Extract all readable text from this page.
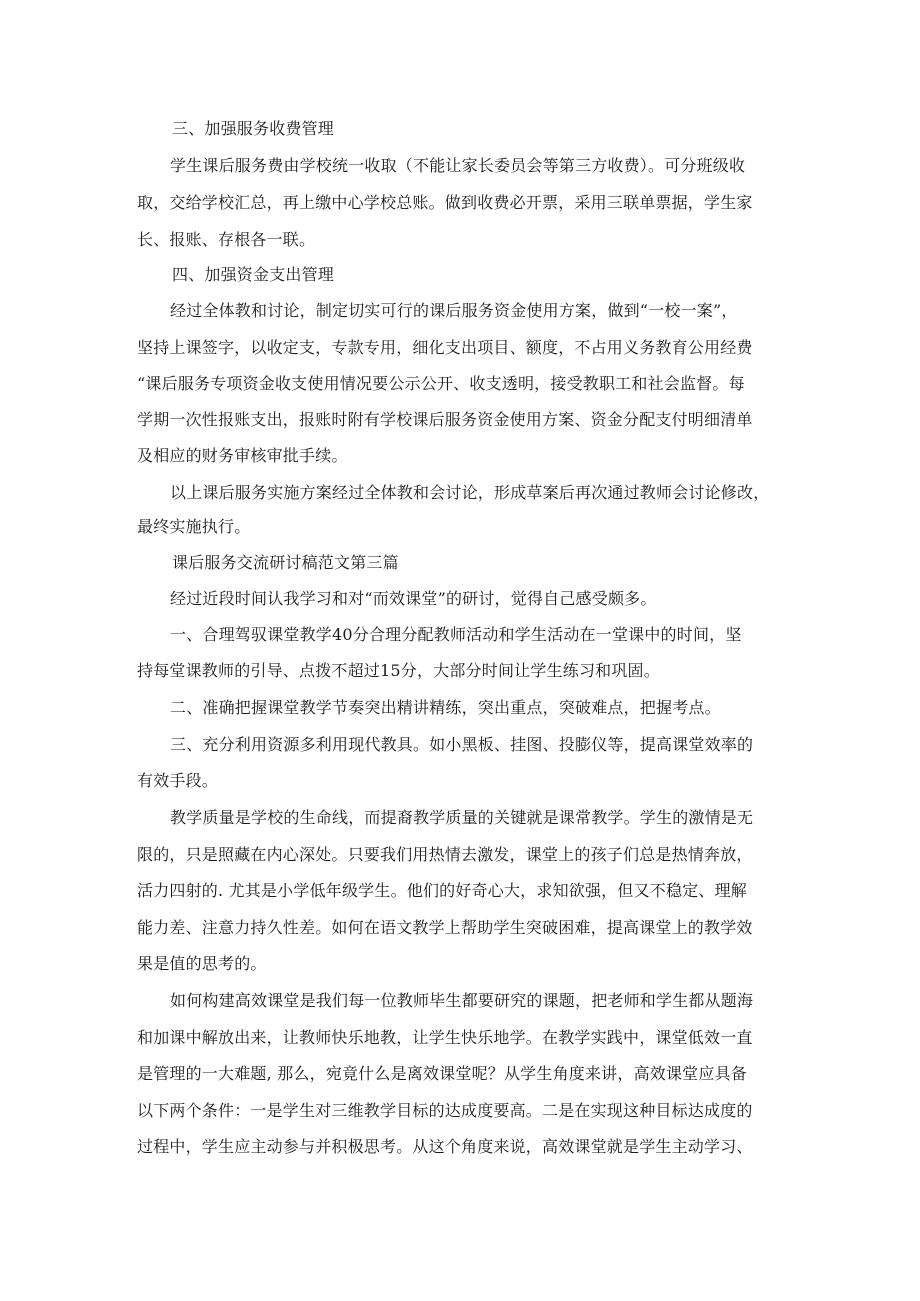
三、加强服务收费管理
学生课后服务费由学校统一收取（不能让家长委员会等第三方收费）。可分班级收
取，交给学校汇总，再上缴中心学校总账。做到收费必开票，采用三联单票据，学生家
长、报账、存根各一联。
四、加强资金支出管理
经过全体教和讨论，制定切实可行的课后服务资金使用方案，做到“一校一案”，
坚持上课签字，以收定支，专款专用，细化支出项目、额度，不占用义务教育公用经费
“课后服务专项资金收支使用情况要公示公开、收支透明，接受教职工和社会监督。每
学期一次性报账支出，报账时附有学校课后服务资金使用方案、资金分配支付明细清单
及相应的财务审核审批手续。
以上课后服务实施方案经过全体教和会讨论，形成草案后再次通过教师会讨论修改，
最终实施执行。
课后服务交流研讨稿范文第三篇
经过近段时间认我学习和对“而效课堂”的研讨，觉得自己感受颇多。
一、合理驾驭课堂教学40分合理分配教师活动和学生活动在一堂课中的时间，坚
持每堂课教师的引导、点拨不超过15分，大部分时间让学生练习和巩固。
二、准确把握课堂教学节奏突出精讲精练，突出重点，突破难点，把握考点。
三、充分利用资源多利用现代教具。如小黑板、挂图、投膨仪等，提高课堂效率的
有效手段。
教学质量是学校的生命线，而提裔教学质量的关键就是课常教学。学生的激情是无
限的，只是照藏在内心深处。只要我们用热情去激发，课堂上的孩子们总是热情奔放，
活力四射的. 尤其是小学低年级学生。他们的好奇心大，求知欲强，但又不稳定、理解
能力差、注意力持久性差。如何在语文教学上帮助学生突破困难，提高课堂上的教学效
果是值的思考的。
如何构建高效课堂是我们每一位教师毕生都要研究的课题，把老师和学生都从题海
和加课中解放出来，让教师快乐地教，让学生快乐地学。在教学实践中，课堂低效一直
是管理的一大难题, 那么，宛竟什么是离效课堂呢？从学生角度来讲，高效课堂应具备
以下两个条件：一是学生对三维教学目标的达成度要高。二是在实现这种目标达成度的
过程中，学生应主动参与并积极思考。从这个角度来说，高效课堂就是学生主动学习、
